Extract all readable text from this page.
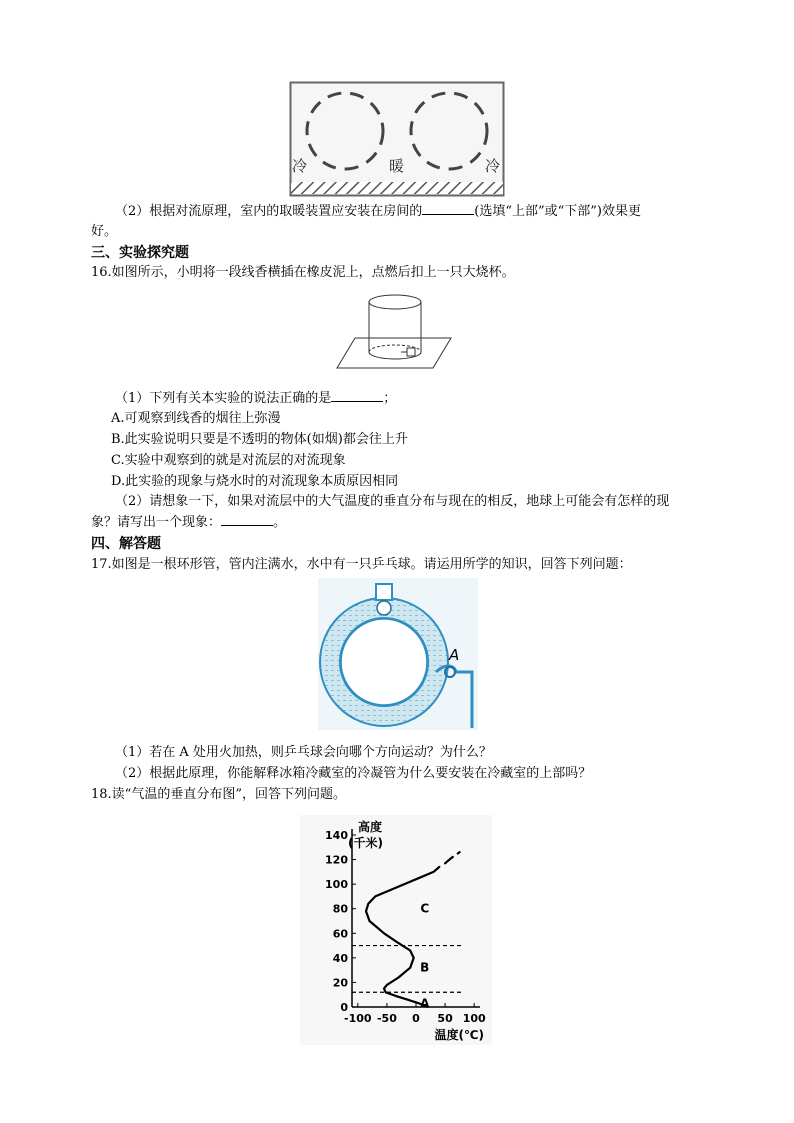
冷	暖	冷
（2）根据对流原理，室内的取暖装置应安装在房间的	(选填“上部”或“下部”)效果更
好。
三、实验探究题
16.如图所示，小明将一段线香横插在橡皮泥上，点燃后扣上一只大烧杯。
（1）下列有关本实验的说法正确的是	；
A.可观察到线香的烟往上弥漫
B.此实验说明只要是不透明的物体(如烟)都会往上升
C.实验中观察到的就是对流层的对流现象
D.此实验的现象与烧水时的对流现象本质原因相同
（2）请想象一下，如果对流层中的大气温度的垂直分布与现在的相反，地球上可能会有怎样的现
象？请写出一个现象：	。
四、解答题
17.如图是一根环形管，管内注满水，水中有一只乒乓球。请运用所学的知识，回答下列问题：
A
（1）若在 A 处用火加热，则乒乓球会向哪个方向运动？为什么？
（2）根据此原理，你能解释冰箱冷藏室的冷凝管为什么要安装在冷藏室的上部吗？
18.读“气温的垂直分布图”，回答下列问题。
0
20
40
60
80
100
120
140
-100 -50 0 50 100
高度
(千米)
温度(℃)
A
B
C
